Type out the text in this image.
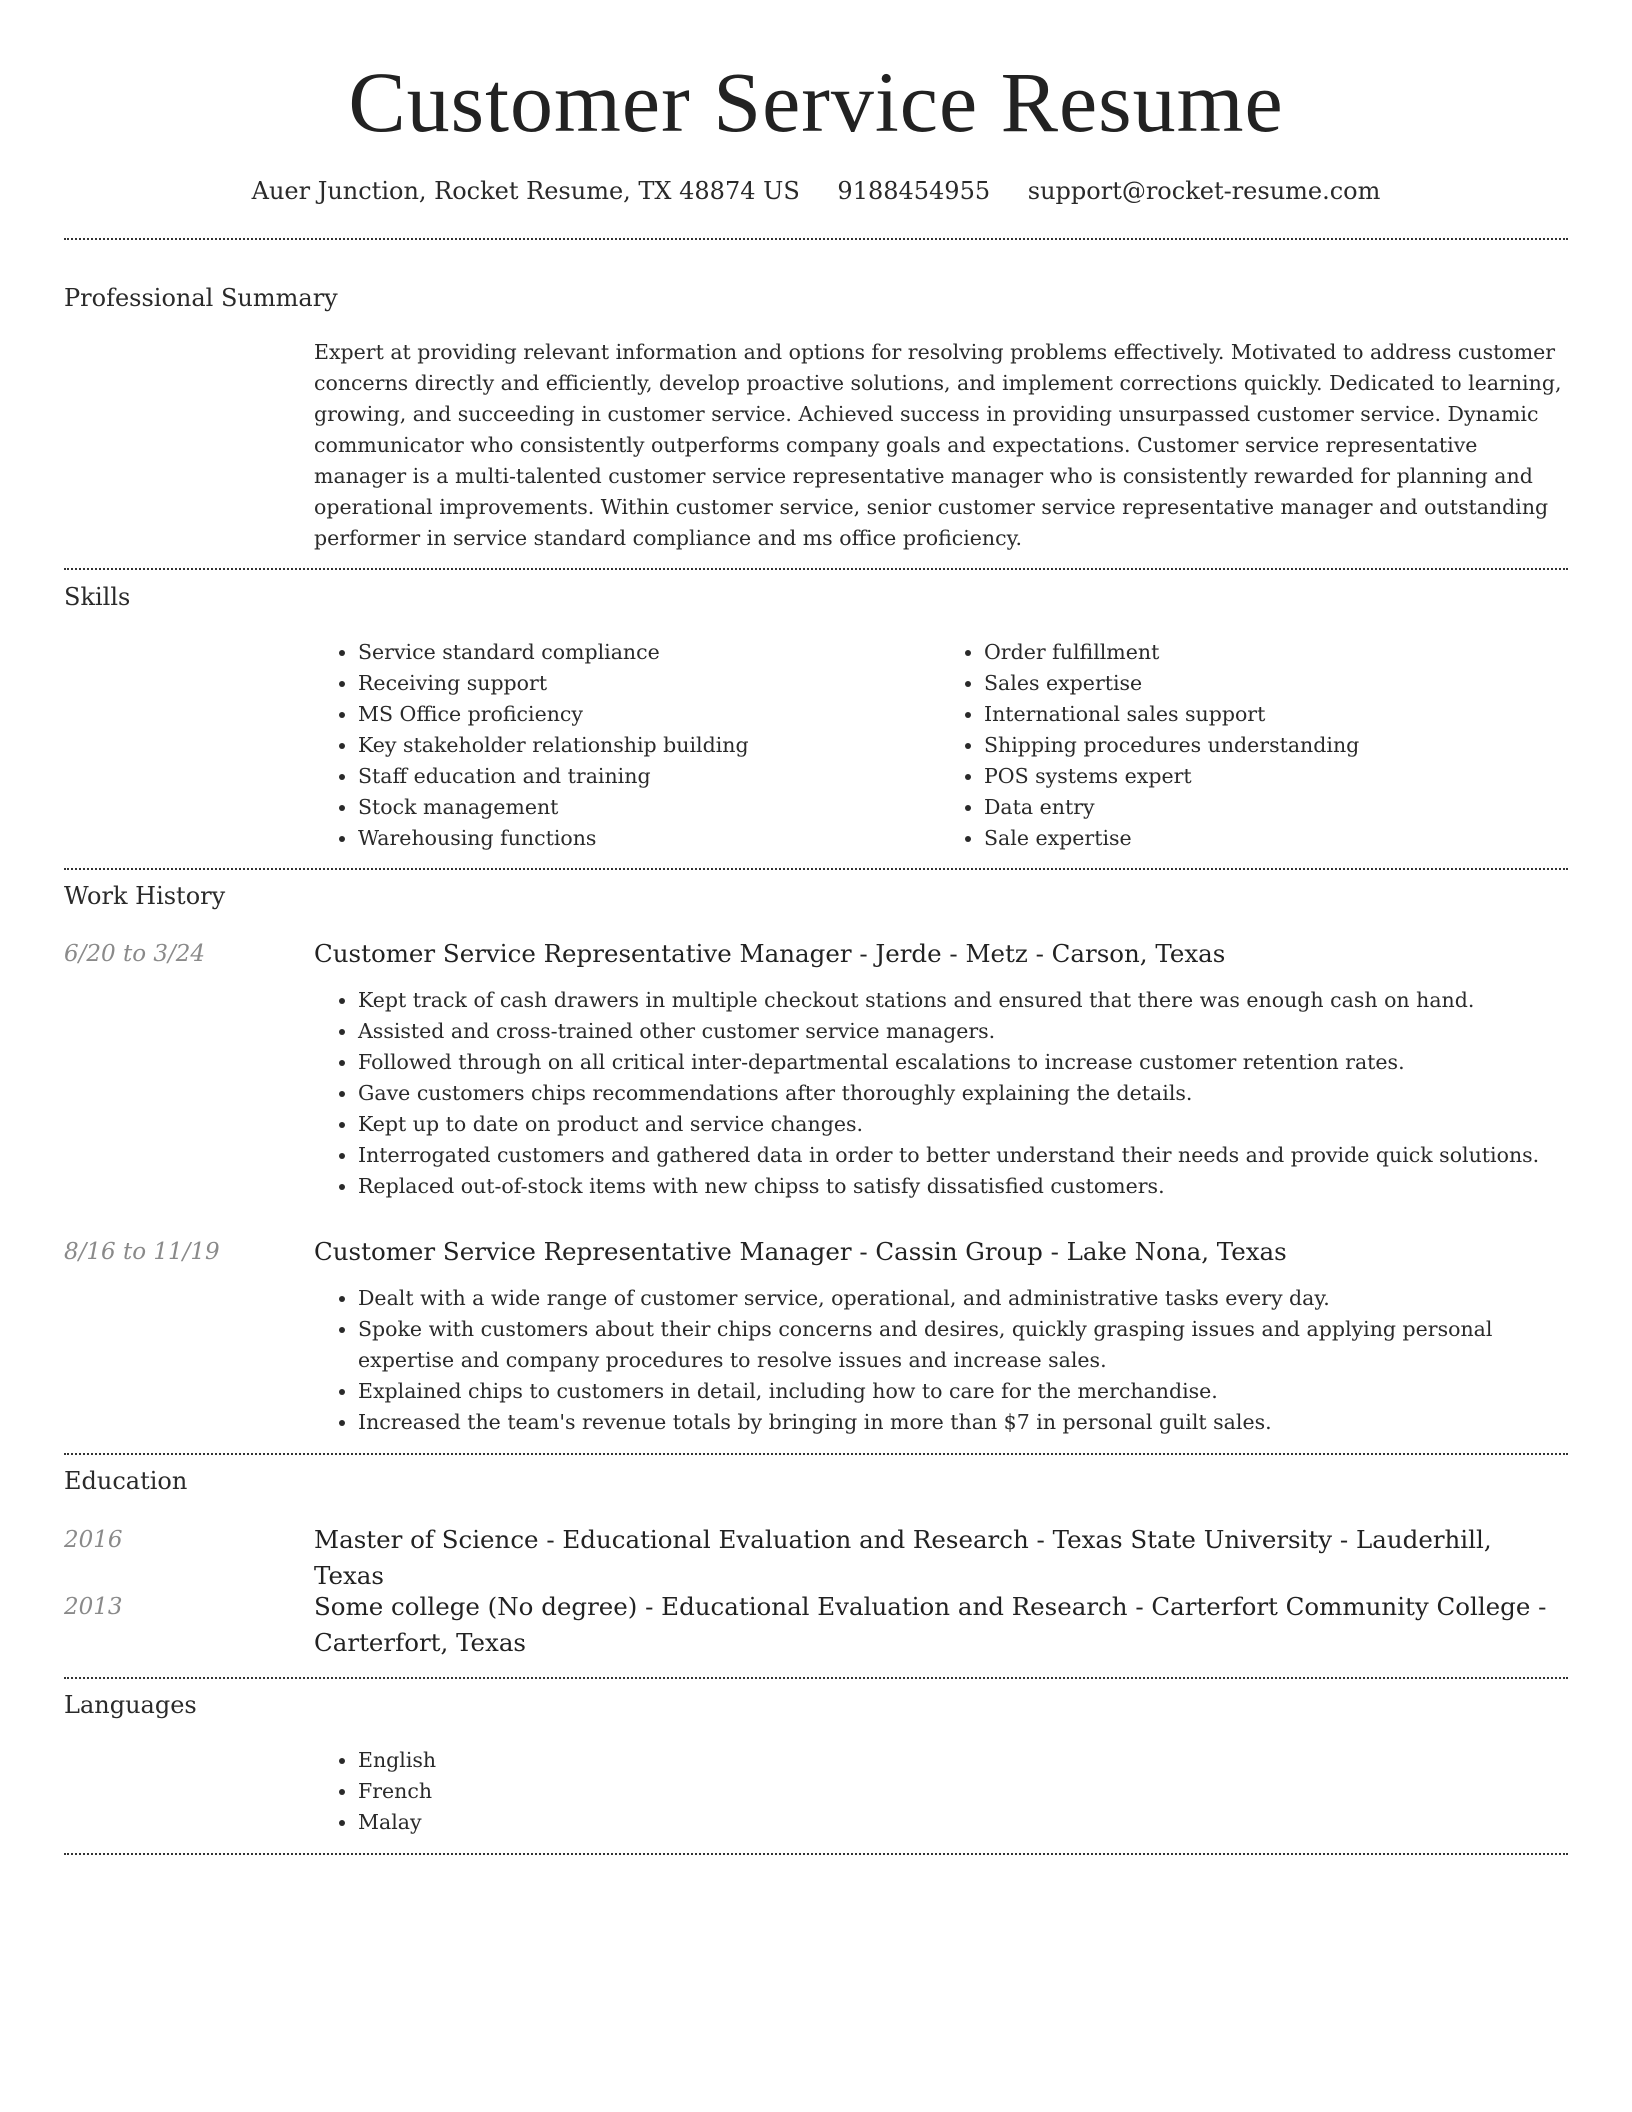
Customer Service Resume
Auer Junction, Rocket Resume, TX 48874 US 9188454955 support@rocket-resume.com
Professional Summary
Expert at providing relevant information and options for resolving problems effectively. Motivated to address customer concerns directly and efficiently, develop proactive solutions, and implement corrections quickly. Dedicated to learning, growing, and succeeding in customer service. Achieved success in providing unsurpassed customer service. Dynamic communicator who consistently outperforms company goals and expectations. Customer service representative manager is a multi-talented customer service representative manager who is consistently rewarded for planning and operational improvements. Within customer service, senior customer service representative manager and outstanding performer in service standard compliance and ms office proficiency.
Skills
• Service standard compliance
• Receiving support
• MS Office proficiency
• Key stakeholder relationship building
• Staff education and training
• Stock management
• Warehousing functions
• Order fulfillment
• Sales expertise
• International sales support
• Shipping procedures understanding
• POS systems expert
• Data entry
• Sale expertise
Work History
6/20 to 3/24	Customer Service Representative Manager - Jerde - Metz - Carson, Texas
• Kept track of cash drawers in multiple checkout stations and ensured that there was enough cash on hand.
• Assisted and cross-trained other customer service managers.
• Followed through on all critical inter-departmental escalations to increase customer retention rates.
• Gave customers chips recommendations after thoroughly explaining the details.
• Kept up to date on product and service changes.
• Interrogated customers and gathered data in order to better understand their needs and provide quick solutions.
• Replaced out-of-stock items with new chipss to satisfy dissatisfied customers.
8/16 to 11/19	Customer Service Representative Manager - Cassin Group - Lake Nona, Texas
• Dealt with a wide range of customer service, operational, and administrative tasks every day.
• Spoke with customers about their chips concerns and desires, quickly grasping issues and applying personal expertise and company procedures to resolve issues and increase sales.
• Explained chips to customers in detail, including how to care for the merchandise.
• Increased the team's revenue totals by bringing in more than $7 in personal guilt sales.
Education
2016	Master of Science - Educational Evaluation and Research - Texas State University - Lauderhill, Texas
2013	Some college (No degree) - Educational Evaluation and Research - Carterfort Community College - Carterfort, Texas
Languages
• English
• French
• Malay
